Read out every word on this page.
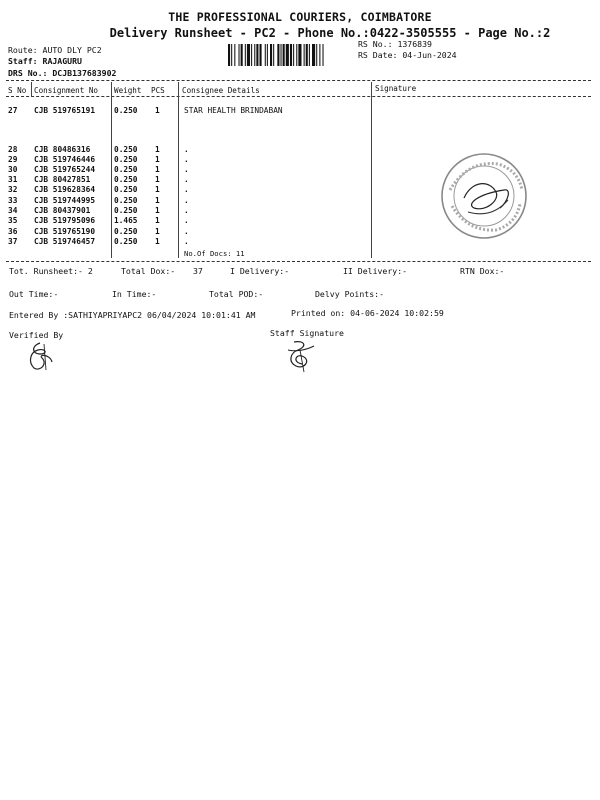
THE PROFESSIONAL COURIERS, COIMBATORE
Delivery Runsheet - PC2 - Phone No.:0422-3505555 - Page No.:2
Route: AUTO DLY PC2
Staff: RAJAGURU
DRS No.: DCJB137683902
RS No.: 1376839
RS Date: 04-Jun-2024
S No Consignment No Weight PCS Consignee Details	Signature
27 CJB 519765191 0.250 1	STAR HEALTH BRINDABAN
28 CJB 80486316	0.250 1	.
29 CJB 519746446 0.250 1	.
30 CJB 519765244 0.250 1	.
31 CJB 80427851	0.250 1	.
32 CJB 519628364 0.250 1	.
33 CJB 519744995 0.250 1	.
34 CJB 80437901	0.250 1	.
35 CJB 519795096 1.465 1	.
36 CJB 519765190 0.250 1	.
37 CJB 519746457 0.250 1	.
No.Of Docs: 11
Tot. Runsheet:- 2	Total Dox:- 37	I Delivery:-	II Delivery:-	RTN Dox:-
Out Time:-	In Time:-	Total POD:-	Delvy Points:-
Entered By :SATHIYAPRIYAPC2 06/04/2024 10:01:41 AM	Printed on: 04-06-2024 10:02:59
Verified By	Staff Signature
